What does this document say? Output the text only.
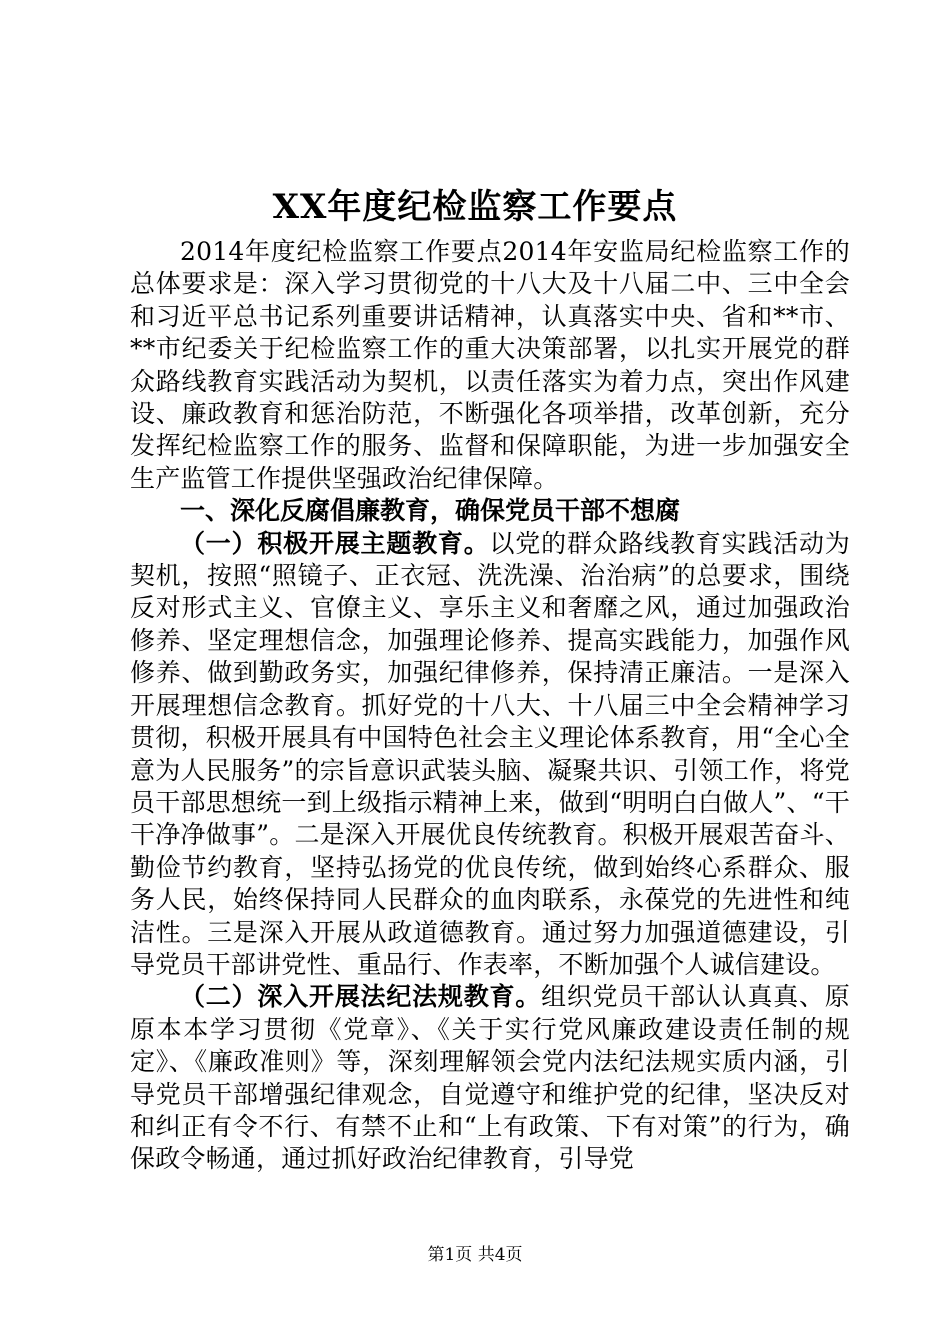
XX年度纪检监察工作要点

2014年度纪检监察工作要点2014年安监局纪检监察工作的总体要求是：深入学习贯彻党的十八大及十八届二中、三中全会和习近平总书记系列重要讲话精神，认真落实中央、省和**市、**市纪委关于纪检监察工作的重大决策部署，以扎实开展党的群众路线教育实践活动为契机，以责任落实为着力点，突出作风建设、廉政教育和惩治防范，不断强化各项举措，改革创新，充分发挥纪检监察工作的服务、监督和保障职能，为进一步加强安全生产监管工作提供坚强政治纪律保障。

一、深化反腐倡廉教育，确保党员干部不想腐

（一）积极开展主题教育。以党的群众路线教育实践活动为契机，按照“照镜子、正衣冠、洗洗澡、治治病”的总要求，围绕反对形式主义、官僚主义、享乐主义和奢靡之风，通过加强政治修养、坚定理想信念，加强理论修养、提高实践能力，加强作风修养、做到勤政务实，加强纪律修养，保持清正廉洁。一是深入开展理想信念教育。抓好党的十八大、十八届三中全会精神学习贯彻，积极开展具有中国特色社会主义理论体系教育，用“全心全意为人民服务”的宗旨意识武装头脑、凝聚共识、引领工作，将党员干部思想统一到上级指示精神上来，做到“明明白白做人”、“干干净净做事”。二是深入开展优良传统教育。积极开展艰苦奋斗、勤俭节约教育，坚持弘扬党的优良传统，做到始终心系群众、服务人民，始终保持同人民群众的血肉联系，永葆党的先进性和纯洁性。三是深入开展从政道德教育。通过努力加强道德建设，引导党员干部讲党性、重品行、作表率，不断加强个人诚信建设。

（二）深入开展法纪法规教育。组织党员干部认认真真、原原本本学习贯彻《党章》、《关于实行党风廉政建设责任制的规定》、《廉政准则》等，深刻理解领会党内法纪法规实质内涵，引导党员干部增强纪律观念，自觉遵守和维护党的纪律，坚决反对和纠正有令不行、有禁不止和“上有政策、下有对策”的行为，确保政令畅通，通过抓好政治纪律教育，引导党

第1页 共4页
